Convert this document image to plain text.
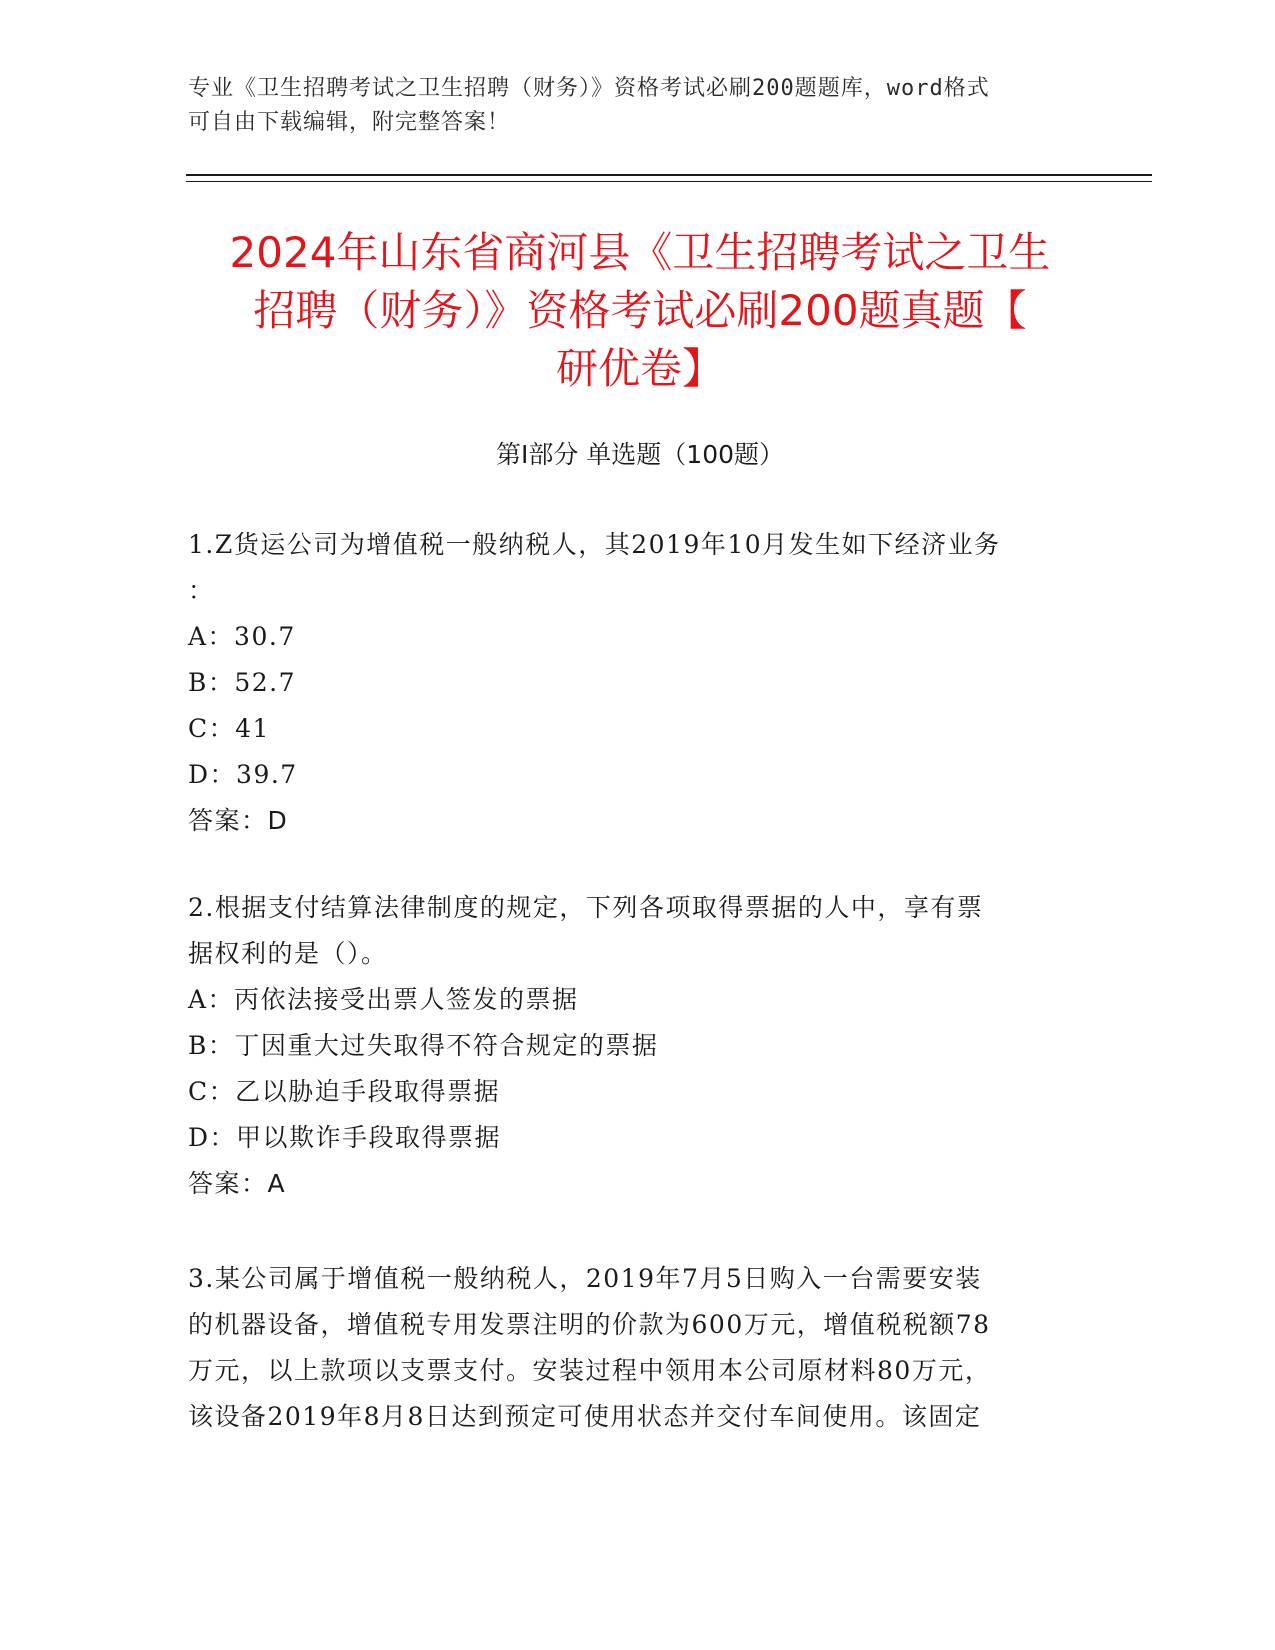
专业《卫生招聘考试之卫生招聘（财务）》资格考试必刷200题题库，word格式
可自由下载编辑，附完整答案！
2024年山东省商河县《卫生招聘考试之卫生
招聘（财务）》资格考试必刷200题真题【
研优卷】
第Ⅰ部分 单选题（100题）

1.Z货运公司为增值税一般纳税人，其2019年10月发生如下经济业务

：

A：30.7

B：52.7

C：41

D：39.7

答案：D

2.根据支付结算法律制度的规定，下列各项取得票据的人中，享有票

据权利的是（）。

A：丙依法接受出票人签发的票据

B：丁因重大过失取得不符合规定的票据

C：乙以胁迫手段取得票据

D：甲以欺诈手段取得票据

答案：A

3.某公司属于增值税一般纳税人，2019年7月5日购入一台需要安装

的机器设备，增值税专用发票注明的价款为600万元，增值税税额78

万元，以上款项以支票支付。安装过程中领用本公司原材料80万元，

该设备2019年8月8日达到预定可使用状态并交付车间使用。该固定
